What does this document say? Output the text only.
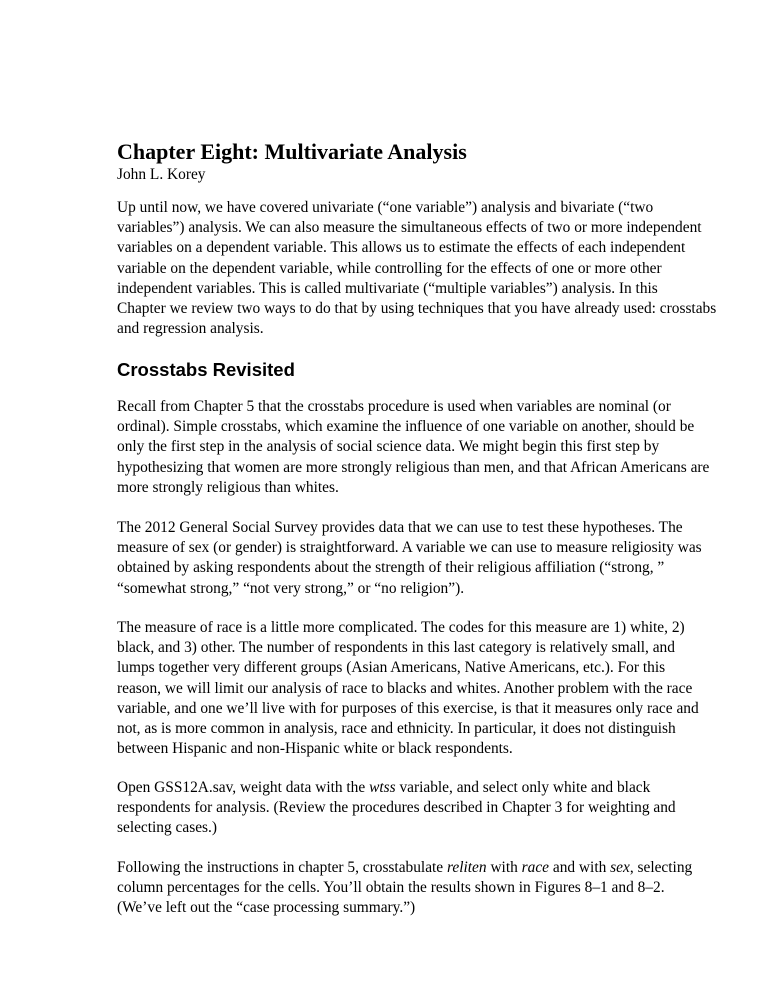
Chapter Eight: Multivariate Analysis

John L. Korey

Up until now, we have covered univariate (“one variable”) analysis and bivariate (“two
variables”) analysis. We can also measure the simultaneous effects of two or more independent
variables on a dependent variable. This allows us to estimate the effects of each independent
variable on the dependent variable, while controlling for the effects of one or more other
independent variables. This is called multivariate (“multiple variables”) analysis. In this
Chapter we review two ways to do that by using techniques that you have already used: crosstabs
and regression analysis.

Crosstabs Revisited

Recall from Chapter 5 that the crosstabs procedure is used when variables are nominal (or
ordinal). Simple crosstabs, which examine the influence of one variable on another, should be
only the first step in the analysis of social science data. We might begin this first step by
hypothesizing that women are more strongly religious than men, and that African Americans are
more strongly religious than whites.

The 2012 General Social Survey provides data that we can use to test these hypotheses. The
measure of sex (or gender) is straightforward. A variable we can use to measure religiosity was
obtained by asking respondents about the strength of their religious affiliation (“strong, ”
“somewhat strong,” “not very strong,” or “no religion”).

The measure of race is a little more complicated. The codes for this measure are 1) white, 2)
black, and 3) other. The number of respondents in this last category is relatively small, and
lumps together very different groups (Asian Americans, Native Americans, etc.). For this
reason, we will limit our analysis of race to blacks and whites. Another problem with the race
variable, and one we’ll live with for purposes of this exercise, is that it measures only race and
not, as is more common in analysis, race and ethnicity. In particular, it does not distinguish
between Hispanic and non-Hispanic white or black respondents.

Open GSS12A.sav, weight data with the wtss variable, and select only white and black
respondents for analysis. (Review the procedures described in Chapter 3 for weighting and
selecting cases.)

Following the instructions in chapter 5, crosstabulate reliten with race and with sex, selecting
column percentages for the cells. You’ll obtain the results shown in Figures 8–1 and 8–2.
(We’ve left out the “case processing summary.”)
